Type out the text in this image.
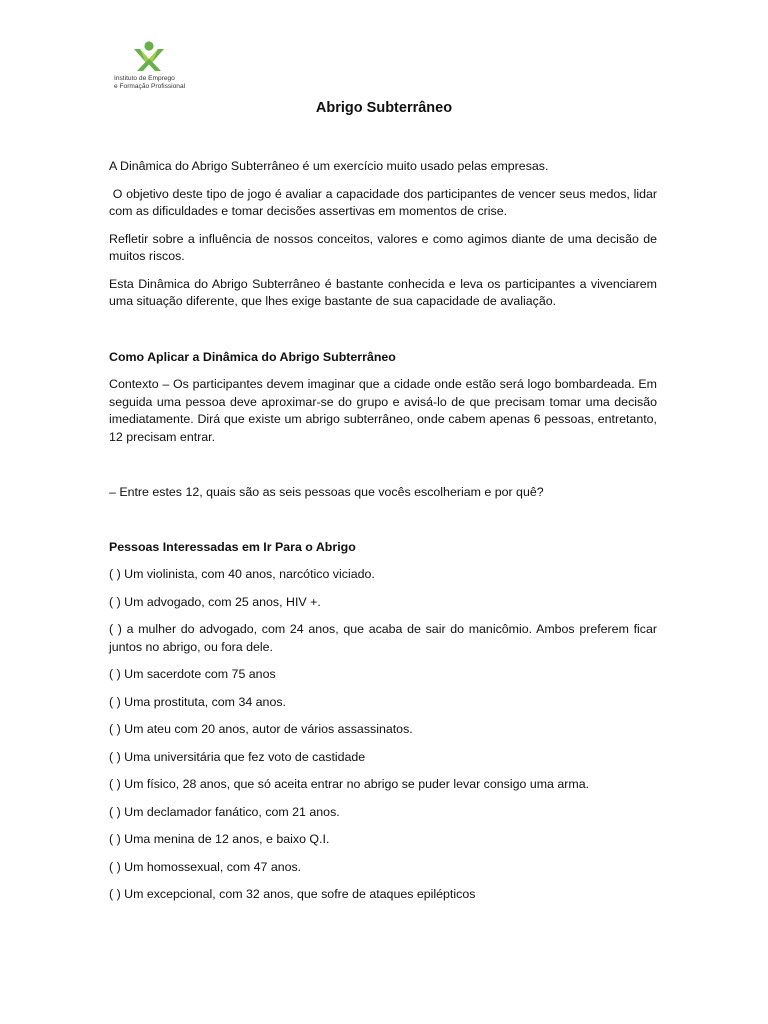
Instituto de Emprego
e Formação Profissional
Abrigo Subterrâneo

A Dinâmica do Abrigo Subterrâneo é um exercício muito usado pelas empresas.

O objetivo deste tipo de jogo é avaliar a capacidade dos participantes de vencer seus medos, lidar com as dificuldades e tomar decisões assertivas em momentos de crise.

Refletir sobre a influência de nossos conceitos, valores e como agimos diante de uma decisão de muitos riscos.

Esta Dinâmica do Abrigo Subterrâneo é bastante conhecida e leva os participantes a vivenciarem uma situação diferente, que lhes exige bastante de sua capacidade de avaliação.

Como Aplicar a Dinâmica do Abrigo Subterrâneo

Contexto – Os participantes devem imaginar que a cidade onde estão será logo bombardeada. Em seguida uma pessoa deve aproximar-se do grupo e avisá-lo de que precisam tomar uma decisão imediatamente. Dirá que existe um abrigo subterrâneo, onde cabem apenas 6 pessoas, entretanto, 12 precisam entrar.

– Entre estes 12, quais são as seis pessoas que vocês escolheriam e por quê?

Pessoas Interessadas em Ir Para o Abrigo
( ) Um violinista, com 40 anos, narcótico viciado.
( ) Um advogado, com 25 anos, HIV +.
( ) a mulher do advogado, com 24 anos, que acaba de sair do manicômio. Ambos preferem ficar juntos no abrigo, ou fora dele.
( ) Um sacerdote com 75 anos
( ) Uma prostituta, com 34 anos.
( ) Um ateu com 20 anos, autor de vários assassinatos.
( ) Uma universitária que fez voto de castidade
( ) Um físico, 28 anos, que só aceita entrar no abrigo se puder levar consigo uma arma.
( ) Um declamador fanático, com 21 anos.
( ) Uma menina de 12 anos, e baixo Q.I.
( ) Um homossexual, com 47 anos.
( ) Um excepcional, com 32 anos, que sofre de ataques epilépticos
